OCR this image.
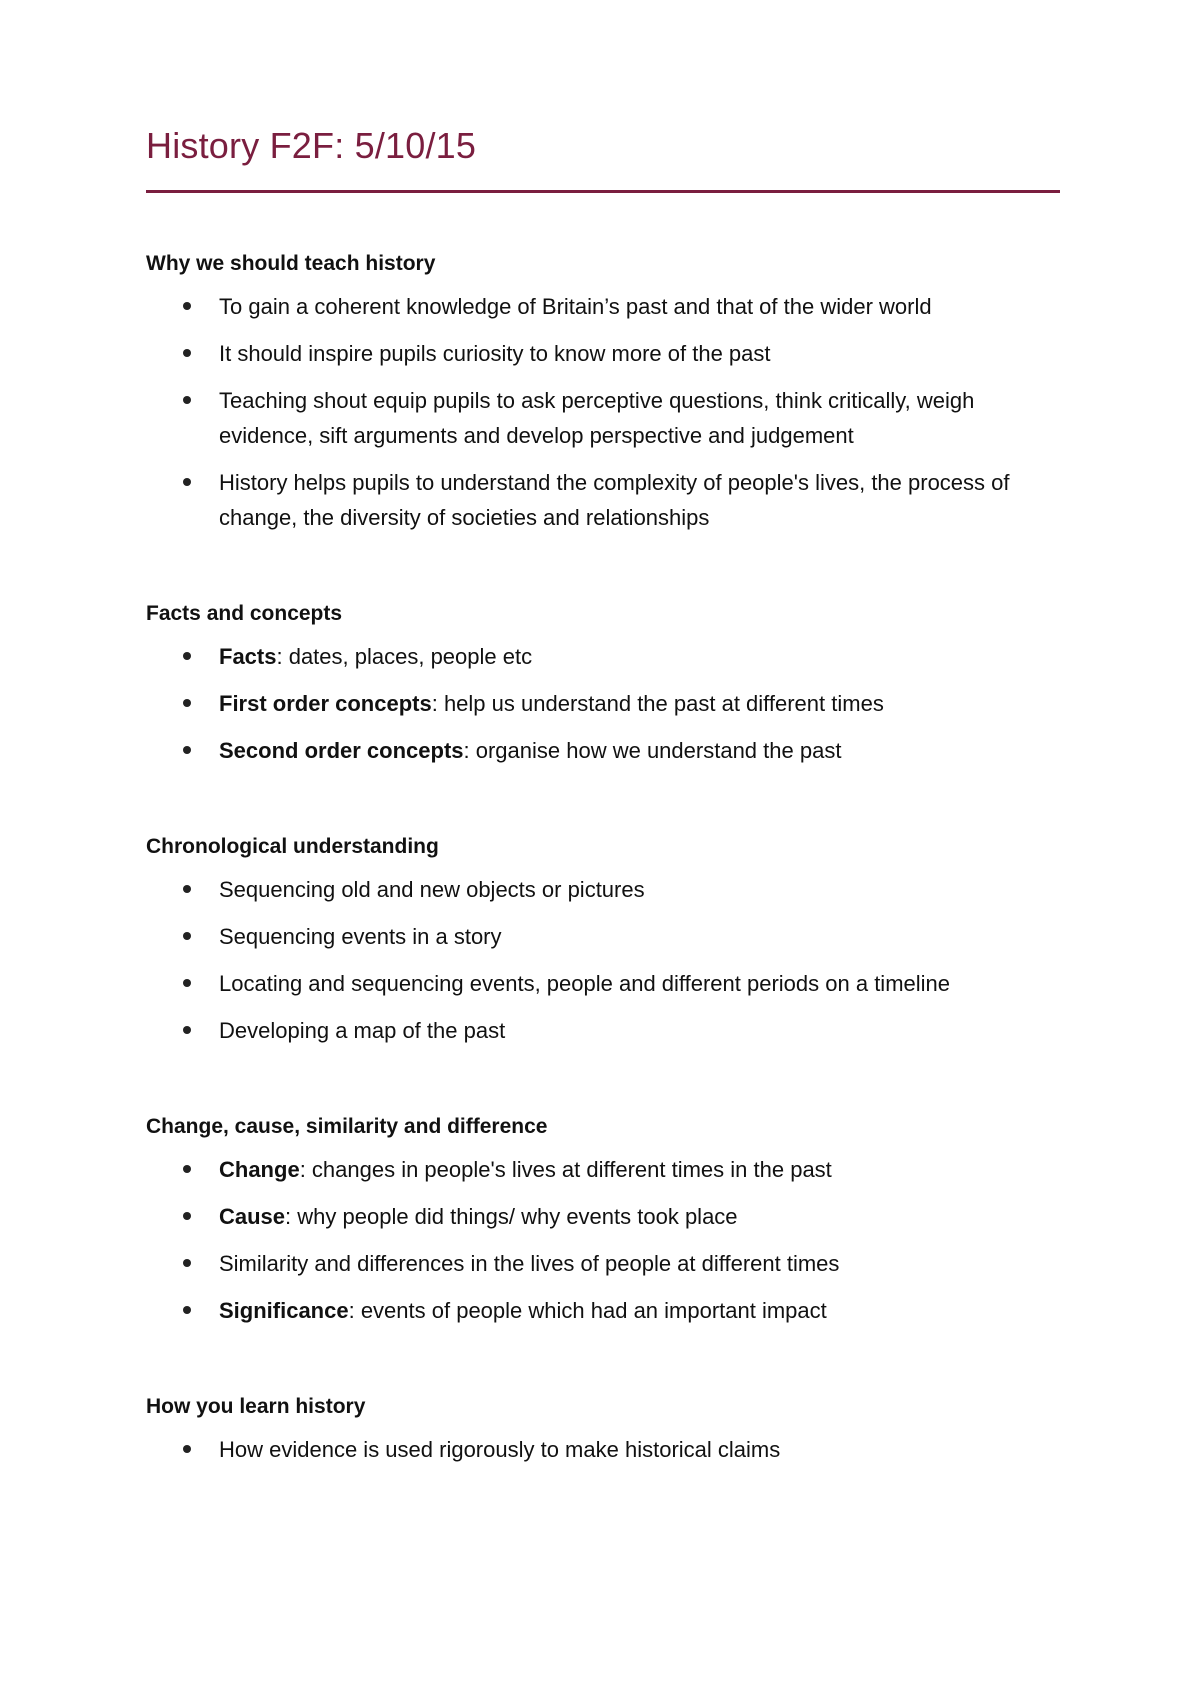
History F2F: 5/10/15
Why we should teach history
To gain a coherent knowledge of Britain’s past and that of the wider world
It should inspire pupils curiosity to know more of the past
Teaching shout equip pupils to ask perceptive questions, think critically, weigh evidence, sift arguments and develop perspective and judgement
History helps pupils to understand the complexity of people's lives, the process of change, the diversity of societies and relationships
Facts and concepts
Facts: dates, places, people etc
First order concepts: help us understand the past at different times
Second order concepts: organise how we understand the past
Chronological understanding
Sequencing old and new objects or pictures
Sequencing events in a story
Locating and sequencing events, people and different periods on a timeline
Developing a map of the past
Change, cause, similarity and difference
Change: changes in people's lives at different times in the past
Cause: why people did things/ why events took place
Similarity and differences in the lives of people at different times
Significance: events of people which had an important impact
How you learn history
How evidence is used rigorously to make historical claims
